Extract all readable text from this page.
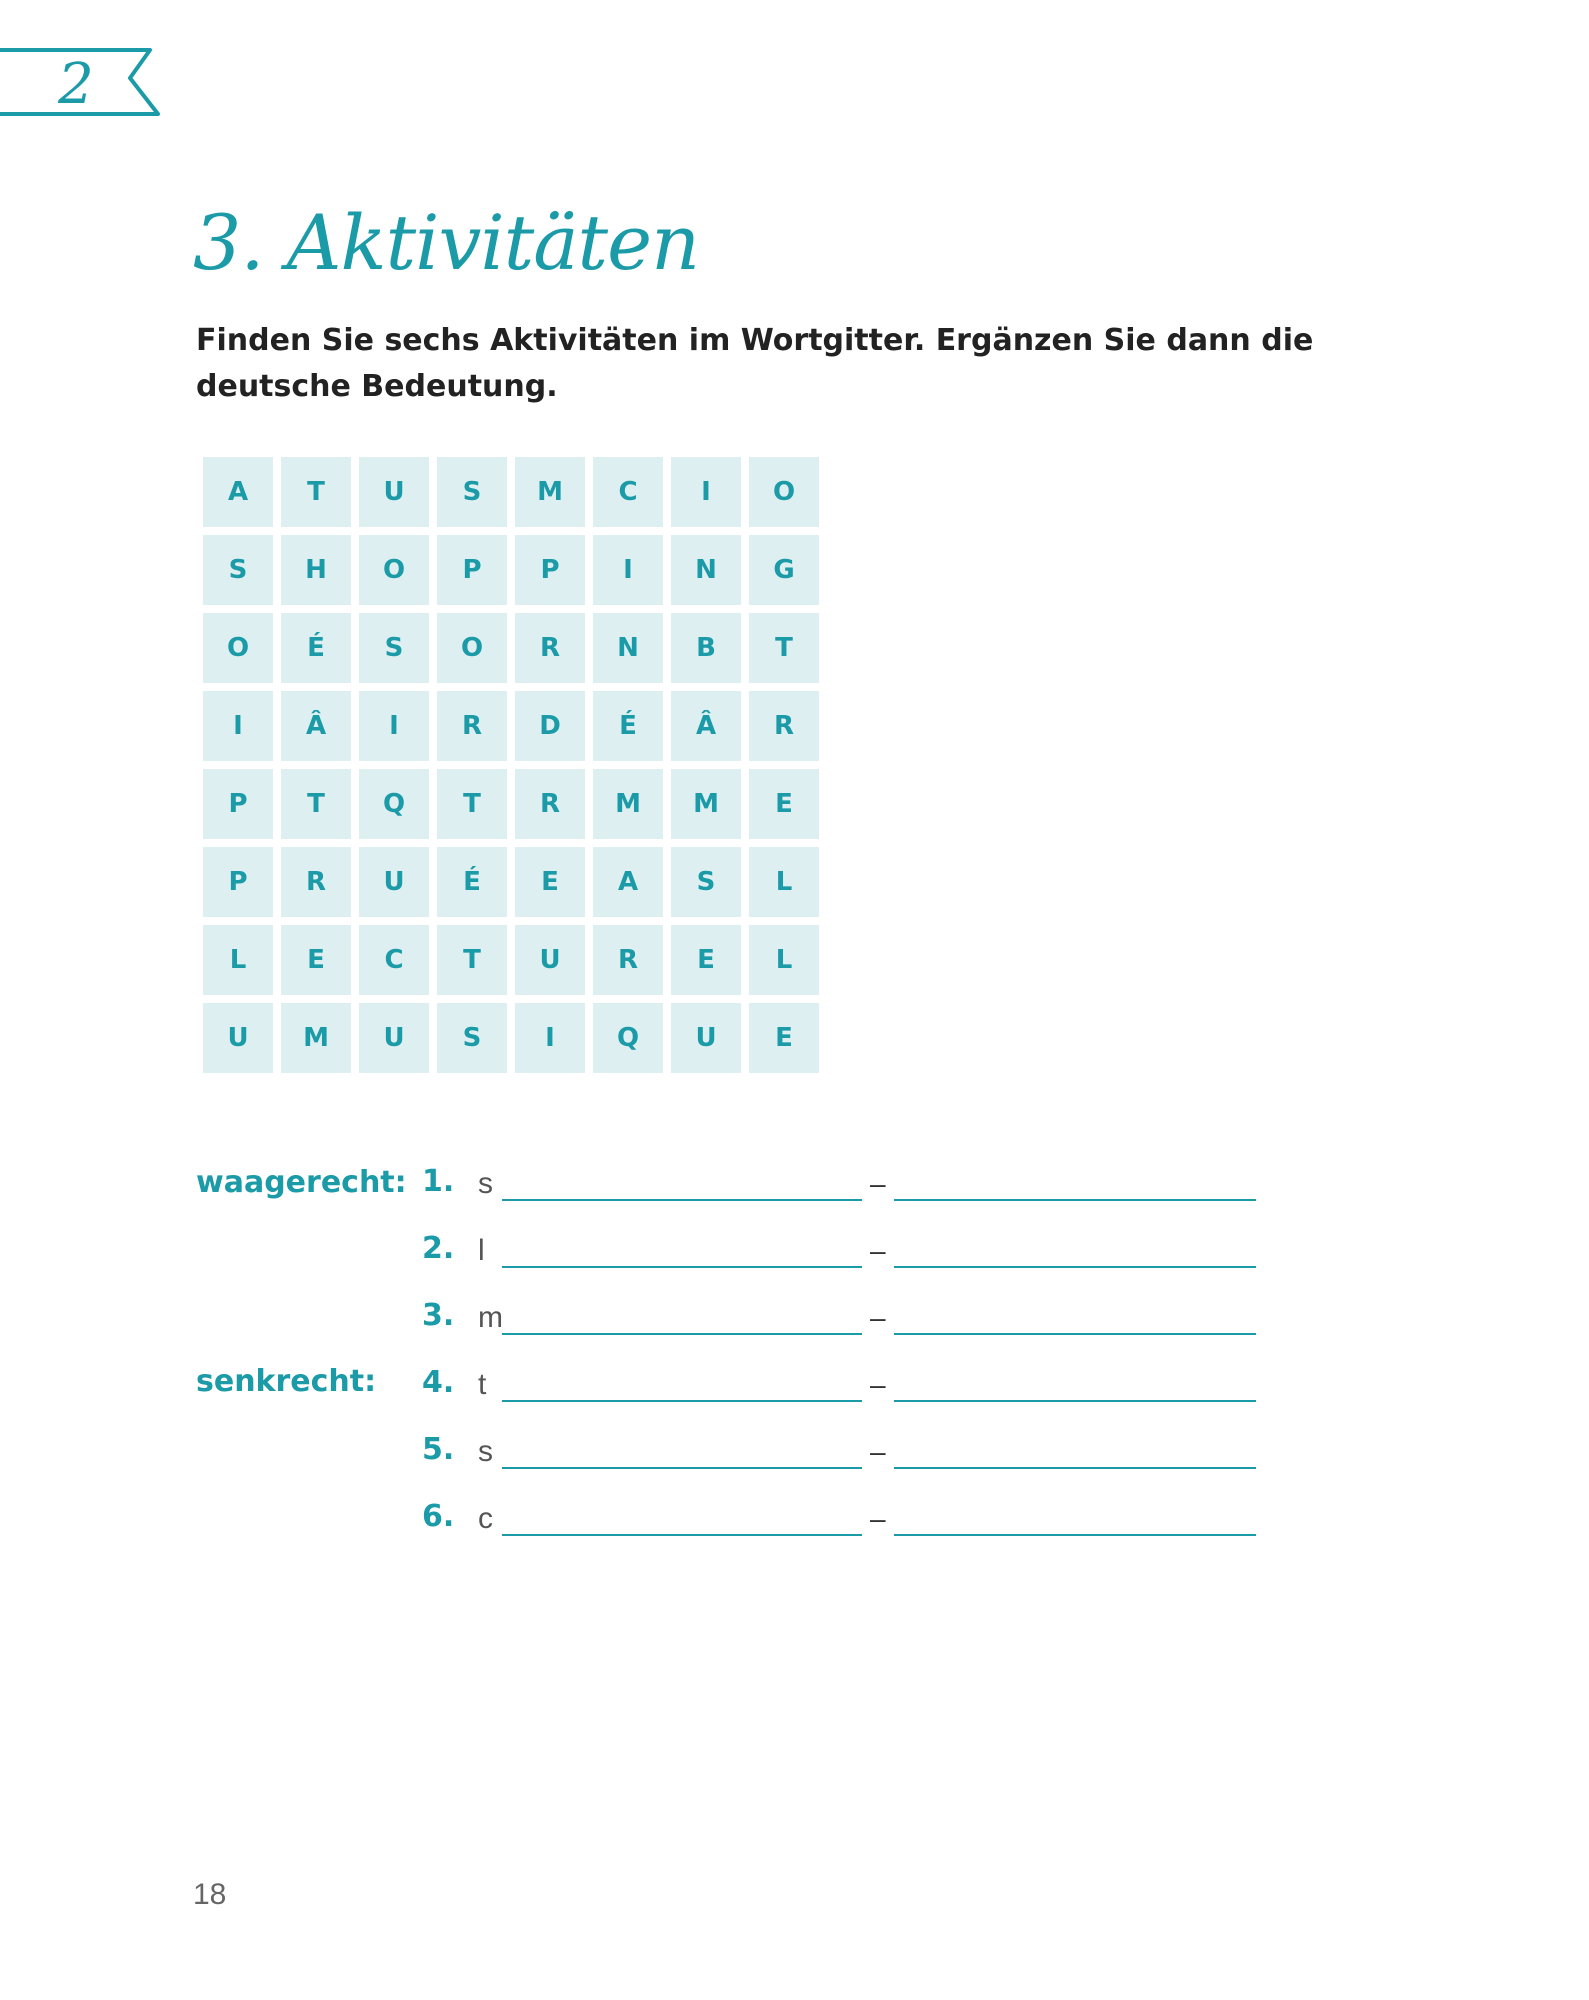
2
3. Aktivitäten

Finden Sie sechs Aktivitäten im Wortgitter. Ergänzen Sie dann die deutsche Bedeutung.

A	T	U	S	M	C	I	O
S	H	O	P	P	I	N	G
O	É	S	O	R	N	B	T
I	Â	I	R	D	É	Â	R
P	T	Q	T	R	M	M	E
P	R	U	É	E	A	S	L
L	E	C	T	U	R	E	L
U	M	U	S	I	Q	U	E
waagerecht:
senkrecht:
1. s	–
2. l	–
3. m	–
4. t	–
5. s	–
6. c	–
18
